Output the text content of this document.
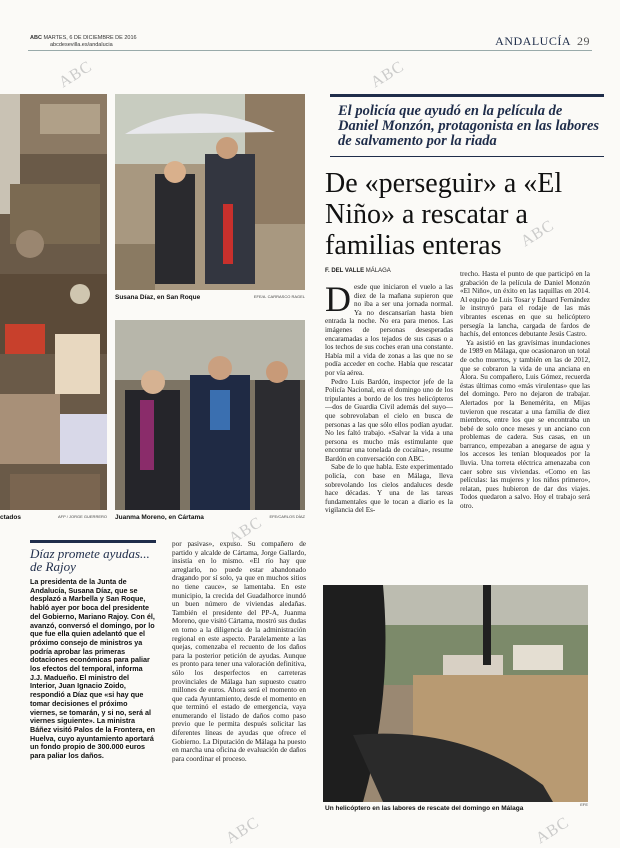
ABC MARTES, 6 DE DICIEMBRE DE 2016
abcdesevilla.es/andalucia	ANDALUCÍA 29
ctados	AFP / JORGE GUERRERO
Susana Díaz, en San Roque	EFE/A. CARRASCO RAGEL
Juanma Moreno, en Cártama	EFE/CARLOS DÍAZ
El policía que ayudó en la película de Daniel Monzón, protagonista en las labores de salvamento por la riada
De «perseguir» a «El Niño» a rescatar a familias enteras
F. DEL VALLE MÁLAGA
D esde que iniciaron el vuelo a las diez de la mañana supieron que no iba a ser una jornada normal. Ya no descansarían hasta bien entrada la noche. No era para menos. Las imágenes de personas desesperadas encaramadas a los tejados de sus casas o a los techos de sus coches eran una constante. Había mil a vida de zonas a las que no se podía acceder en coche. Había que rescatar por vía aérea.

Pedro Luis Bardón, inspector jefe de la Policía Nacional, era el domingo uno de los tripulantes a bordo de los tres helicópteros —dos de Guardia Civil además del suyo— que sobrevolaban el cielo en busca de personas a las que sólo ellos podían ayudar. No les faltó trabajo. «Salvar la vida a una persona es mucho más estimulante que encontrar una tonelada de cocaína», resume Bardón en conversación con ABC.

Sabe de lo que habla. Este experimentado policía, con base en Málaga, lleva sobrevolando los cielos andaluces desde hace décadas. Y una de las tareas fundamentales que le tocan a diario es la vigilancia del Es-

trecho. Hasta el punto de que participó en la grabación de la película de Daniel Monzón «El Niño», un éxito en las taquillas en 2014. Al equipo de Luis Tosar y Eduard Fernández le instruyó para el rodaje de las más vibrantes escenas en que su helicóptero persegía la lancha, cargada de fardos de hachís, del entonces debutante Jesús Castro.

Ya asistió en las gravísimas inundaciones de 1989 en Málaga, que ocasionaron un total de ocho muertos, y también en las de 2012, que se cobraron la vida de una anciana en Álora. Su compañero, Luis Gómez, recuerda éstas últimas como «más virulentas» que las del domingo. Pero no dejaron de trabajar. Alertados por la Benemérita, en Mijas tuvieron que rescatar a una familia de diez miembros, entre los que se encontraba un bebé de solo once meses y un anciano con problemas de cadera. Sus casas, en un barranco, empezaban a anegarse de agua y los accesos les tenían bloqueados por la lluvia. Una torreta eléctrica amenazaba con caer sobre sus viviendas. «Como en las películas: las mujeres y los niños primero», relatan, pues hubieron de dar dos viajes. Todos quedaron a salvo. Hoy el trabajo será otro.

Díaz promete ayudas... de Rajoy
La presidenta de la Junta de Andalucía, Susana Díaz, que se desplazó a Marbella y San Roque, habló ayer por boca del presidente del Gobierno, Mariano Rajoy. Con él, avanzó, conversó el domingo, por lo que fue ella quien adelantó que el próximo consejo de ministros ya podría aprobar las primeras dotaciones económicas para paliar los efectos del temporal, informa J.J. Madueño. El ministro del Interior, Juan Ignacio Zoido, respondió a Díaz que «si hay que tomar decisiones el próximo viernes, se tomarán, y si no, será al viernes siguiente». La ministra Báñez visitó Palos de la Frontera, en Huelva, cuyo ayuntamiento aportará un fondo propio de 300.000 euros para paliar los daños.
por pasivas», expuso. Su compañero de partido y alcalde de Cártama, Jorge Gallardo, insistía en lo mismo. «El río hay que arreglarlo, no puede estar abandonado dragando por sí solo, ya que en muchos sitios no tiene cauce», se lamentaba. En este municipio, la crecida del Guadalhorce inundó un buen número de viviendas aledañas. También el presidente del PP-A, Juanma Moreno, que visitó Cártama, mostró sus dudas en torno a la diligencia de la administración regional en este aspecto. Paralelamente a las quejas, comenzaba el recuento de los daños para la posterior petición de ayudas. Aunque es pronto para tener una valoración definitiva, sólo los desperfectos en carreteras provinciales de Málaga han supuesto cuatro millones de euros. Ahora será el momento en que cada Ayuntamiento, desde el momento en que terminó el estado de emergencia, vaya enumerando el listado de daños como paso previo que le permita después solicitar las diferentes líneas de ayudas que ofrece el Gobierno. La Diputación de Málaga ha puesto en marcha una oficina de evaluación de daños para coordinar el proceso.
Un helicóptero en las labores de rescate del domingo en Málaga
EFE
ABC	ABC
ABC
ABC
ABC
ABC
